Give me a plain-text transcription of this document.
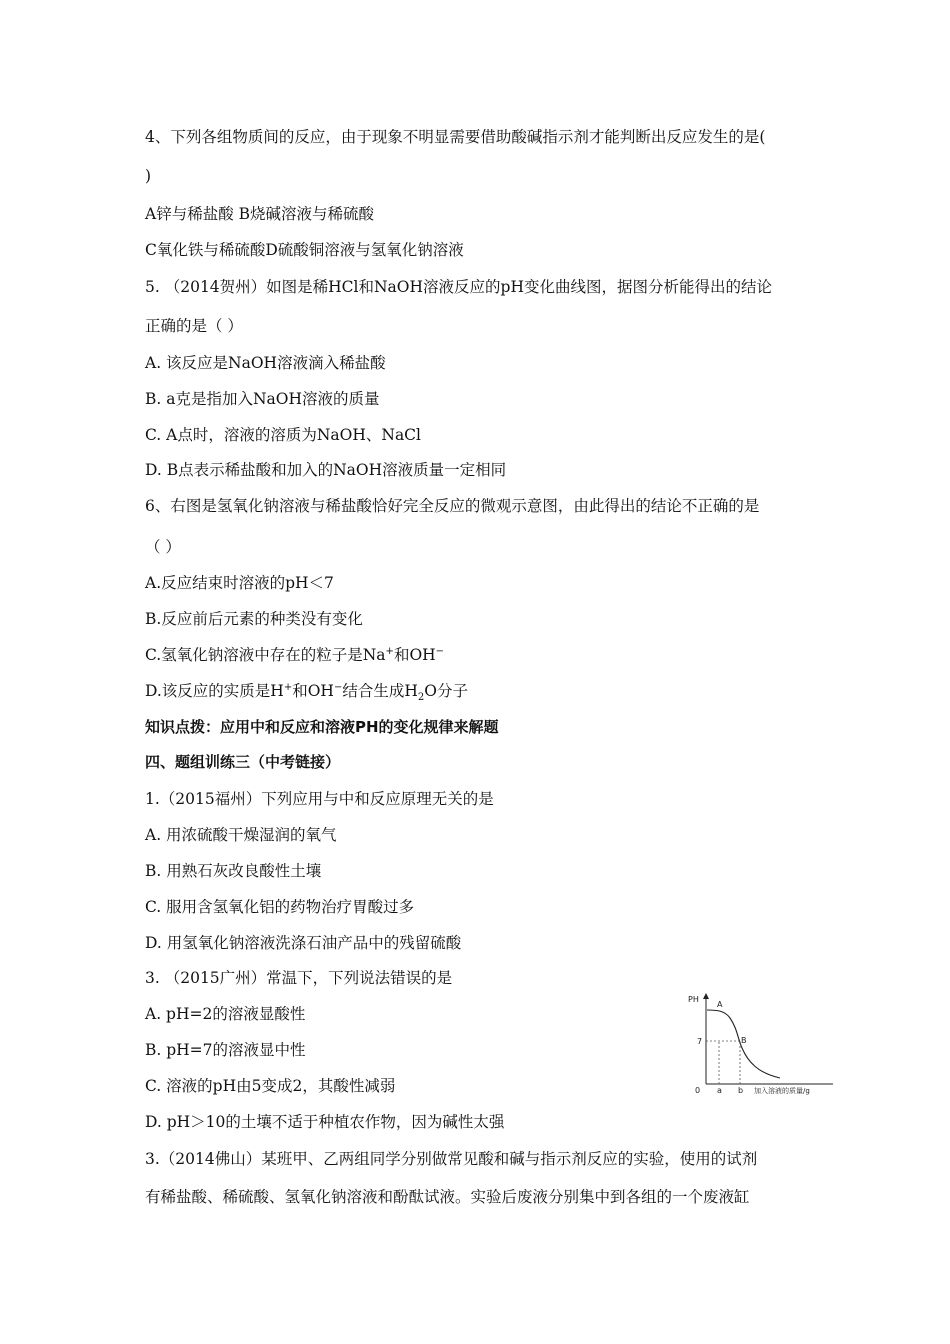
4、下列各组物质间的反应，由于现象不明显需要借助酸碱指示剂才能判断出反应发生的是(
)
A锌与稀盐酸 B烧碱溶液与稀硫酸
C氧化铁与稀硫酸D硫酸铜溶液与氢氧化钠溶液
5. （2014贺州）如图是稀HCl和NaOH溶液反应的pH变化曲线图，据图分析能得出的结论
正确的是（ ）
A. 该反应是NaOH溶液滴入稀盐酸
B. a克是指加入NaOH溶液的质量
C. A点时，溶液的溶质为NaOH、NaCl
D. B点表示稀盐酸和加入的NaOH溶液质量一定相同
6、右图是氢氧化钠溶液与稀盐酸恰好完全反应的微观示意图，由此得出的结论不正确的是
（ ）
A.反应结束时溶液的pH＜7
B.反应前后元素的种类没有变化
C.氢氧化钠溶液中存在的粒子是Na+和OH−
D.该反应的实质是H+和OH−结合生成$H_2O$分子
知识点拨：应用中和反应和溶液PH的变化规律来解题
四、题组训练三（中考链接）
1.（2015福州）下列应用与中和反应原理无关的是
A. 用浓硫酸干燥湿润的氧气
B. 用熟石灰改良酸性土壤
C. 服用含氢氧化铝的药物治疗胃酸过多
D. 用氢氧化钠溶液洗涤石油产品中的残留硫酸
3. （2015广州）常温下，下列说法错误的是
A. pH=2的溶液显酸性
B. pH=7的溶液显中性
C. 溶液的pH由5变成2，其酸性减弱
D. pH＞10的土壤不适于种植农作物，因为碱性太强
3.（2014佛山）某班甲、乙两组同学分别做常见酸和碱与指示剂反应的实验，使用的试剂
有稀盐酸、稀硫酸、氢氧化钠溶液和酚酞试液。实验后废液分别集中到各组的一个废液缸
PH
7
A
B
0 a b 加入溶液的质量/g
